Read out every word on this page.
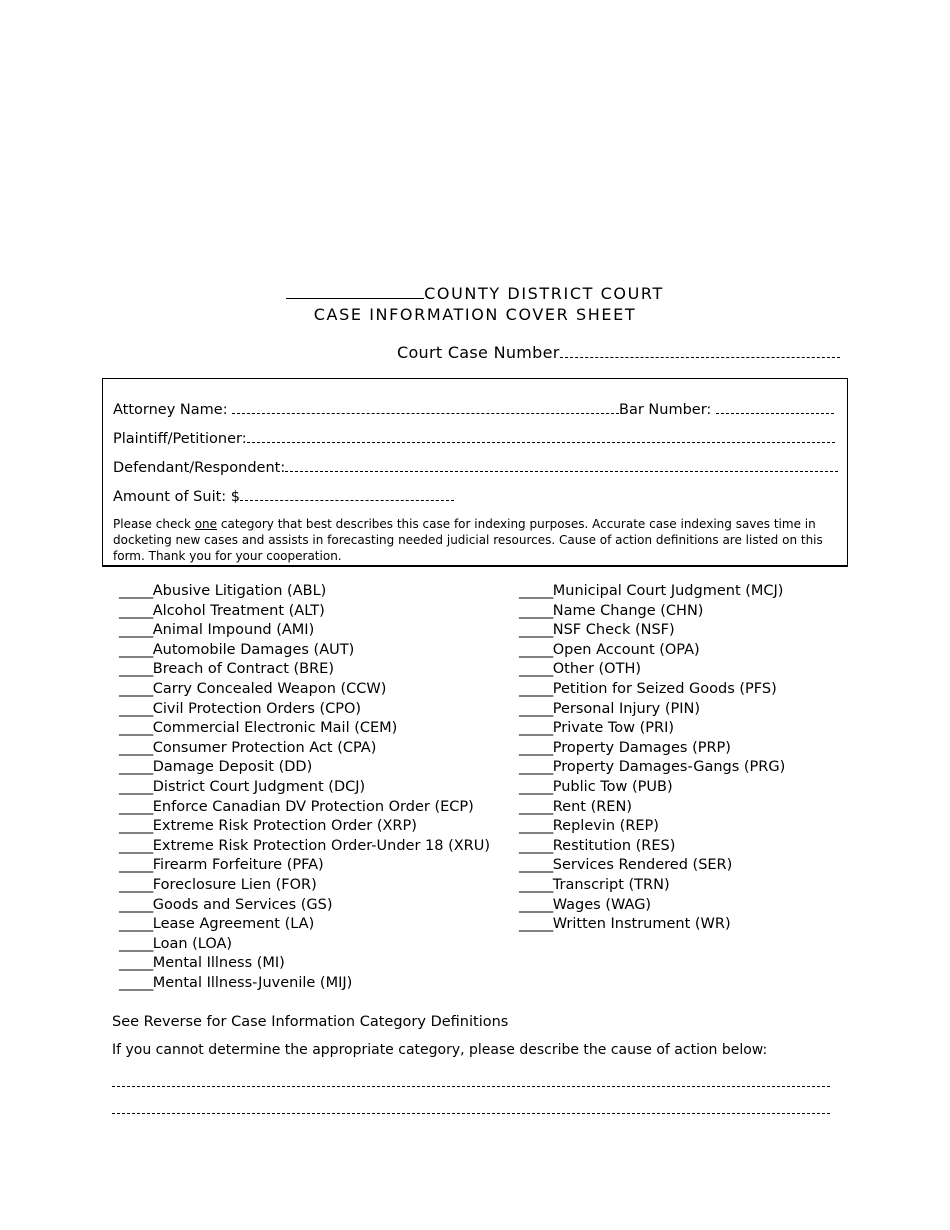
COUNTY DISTRICT COURT
CASE INFORMATION COVER SHEET
Court Case Number
Attorney Name:	Bar Number:
Plaintiff/Petitioner:
Defendant/Respondent:
Amount of Suit: $
Please check one category that best describes this case for indexing purposes. Accurate case indexing saves time in docketing new cases and assists in forecasting needed judicial resources. Cause of action definitions are listed on this form. Thank you for your cooperation.
_____Abusive Litigation (ABL)
_____Alcohol Treatment (ALT)
_____Animal Impound (AMI)
_____Automobile Damages (AUT)
_____Breach of Contract (BRE)
_____Carry Concealed Weapon (CCW)
_____Civil Protection Orders (CPO)
_____Commercial Electronic Mail (CEM)
_____Consumer Protection Act (CPA)
_____Damage Deposit (DD)
_____District Court Judgment (DCJ)
_____Enforce Canadian DV Protection Order (ECP)
_____Extreme Risk Protection Order (XRP)
_____Extreme Risk Protection Order-Under 18 (XRU)
_____Firearm Forfeiture (PFA)
_____Foreclosure Lien (FOR)
_____Goods and Services (GS)
_____Lease Agreement (LA)
_____Loan (LOA)
_____Mental Illness (MI)
_____Mental Illness-Juvenile (MIJ)
_____Municipal Court Judgment (MCJ)
_____Name Change (CHN)
_____NSF Check (NSF)
_____Open Account (OPA)
_____Other (OTH)
_____Petition for Seized Goods (PFS)
_____Personal Injury (PIN)
_____Private Tow (PRI)
_____Property Damages (PRP)
_____Property Damages-Gangs (PRG)
_____Public Tow (PUB)
_____Rent (REN)
_____Replevin (REP)
_____Restitution (RES)
_____Services Rendered (SER)
_____Transcript (TRN)
_____Wages (WAG)
_____Written Instrument (WR)
See Reverse for Case Information Category Definitions
If you cannot determine the appropriate category, please describe the cause of action below:
